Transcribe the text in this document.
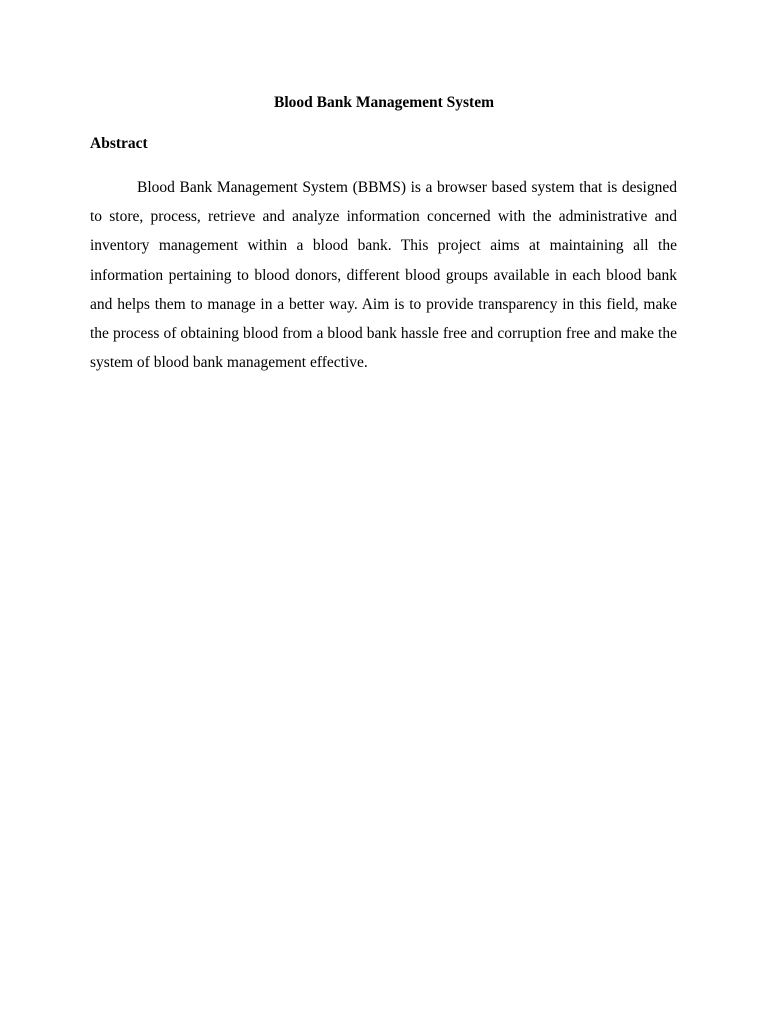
Blood Bank Management System
Abstract

Blood Bank Management System (BBMS) is a browser based system that is designed to store, process, retrieve and analyze information concerned with the administrative and inventory management within a blood bank. This project aims at maintaining all the information pertaining to blood donors, different blood groups available in each blood bank and helps them to manage in a better way. Aim is to provide transparency in this field, make the process of obtaining blood from a blood bank hassle free and corruption free and make the system of blood bank management effective.
